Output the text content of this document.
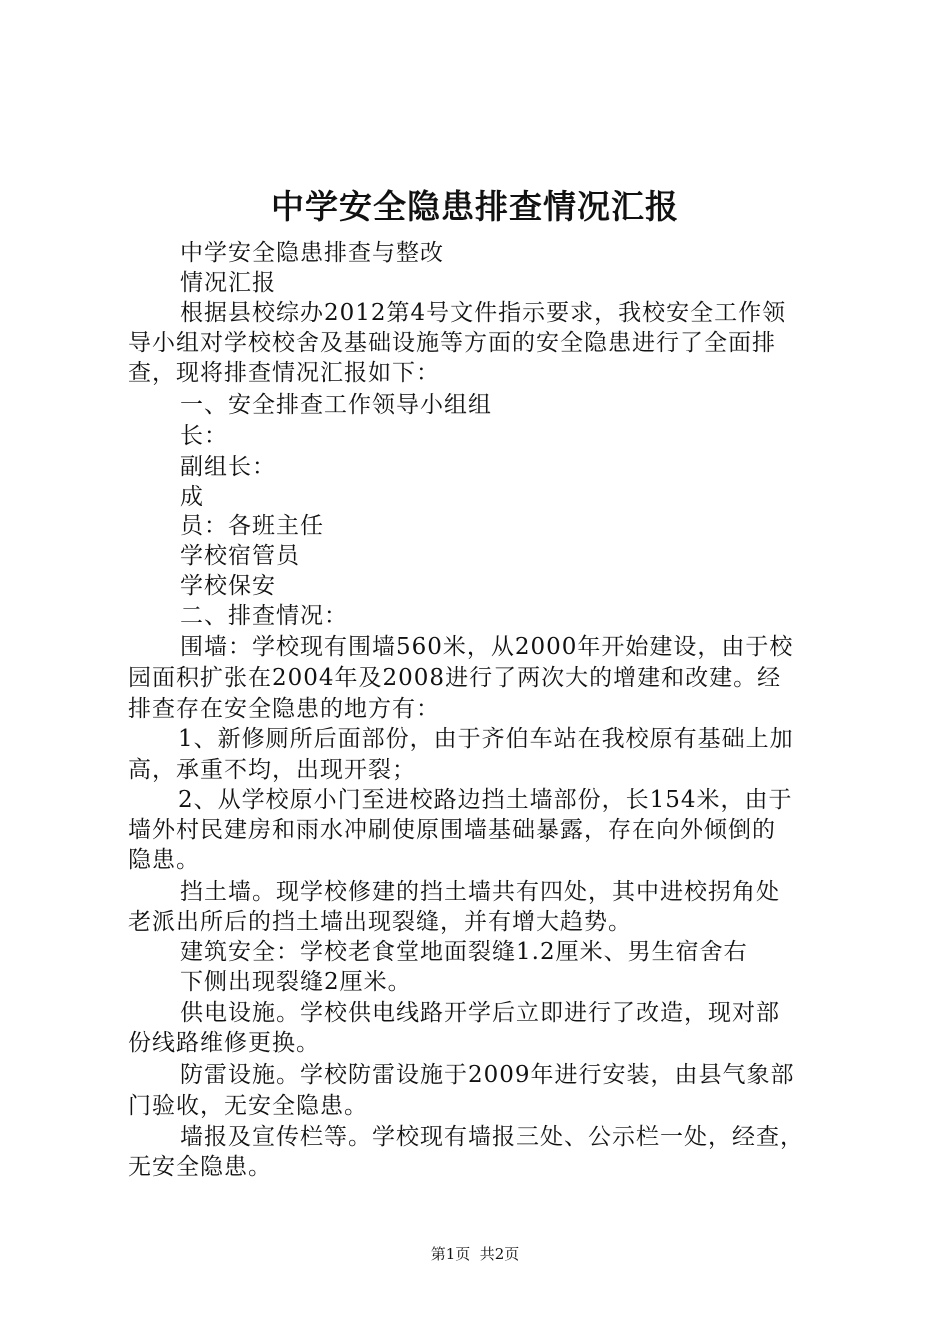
中学安全隐患排查情况汇报
中学安全隐患排查与整改
情况汇报
根据县校综办2012第4号文件指示要求，我校安全工作领
导小组对学校校舍及基础设施等方面的安全隐患进行了全面排
查，现将排查情况汇报如下：
一、安全排查工作领导小组组
长：
副组长：
成
员：各班主任
学校宿管员
学校保安
二、排查情况：
围墙：学校现有围墙560米，从2000年开始建设，由于校
园面积扩张在2004年及2008进行了两次大的增建和改建。经
排查存在安全隐患的地方有：
1、新修厕所后面部份，由于齐伯车站在我校原有基础上加
高，承重不均，出现开裂；
2、从学校原小门至进校路边挡土墙部份，长154米，由于
墙外村民建房和雨水冲刷使原围墙基础暴露，存在向外倾倒的
隐患。
挡土墙。现学校修建的挡土墙共有四处，其中进校拐角处
老派出所后的挡土墙出现裂缝，并有增大趋势。
建筑安全：学校老食堂地面裂缝1.2厘米、男生宿舍右
下侧出现裂缝2厘米。
供电设施。学校供电线路开学后立即进行了改造，现对部
份线路维修更换。
防雷设施。学校防雷设施于2009年进行安装，由县气象部
门验收，无安全隐患。
墙报及宣传栏等。学校现有墙报三处、公示栏一处，经查，
无安全隐患。
第1页  共2页
